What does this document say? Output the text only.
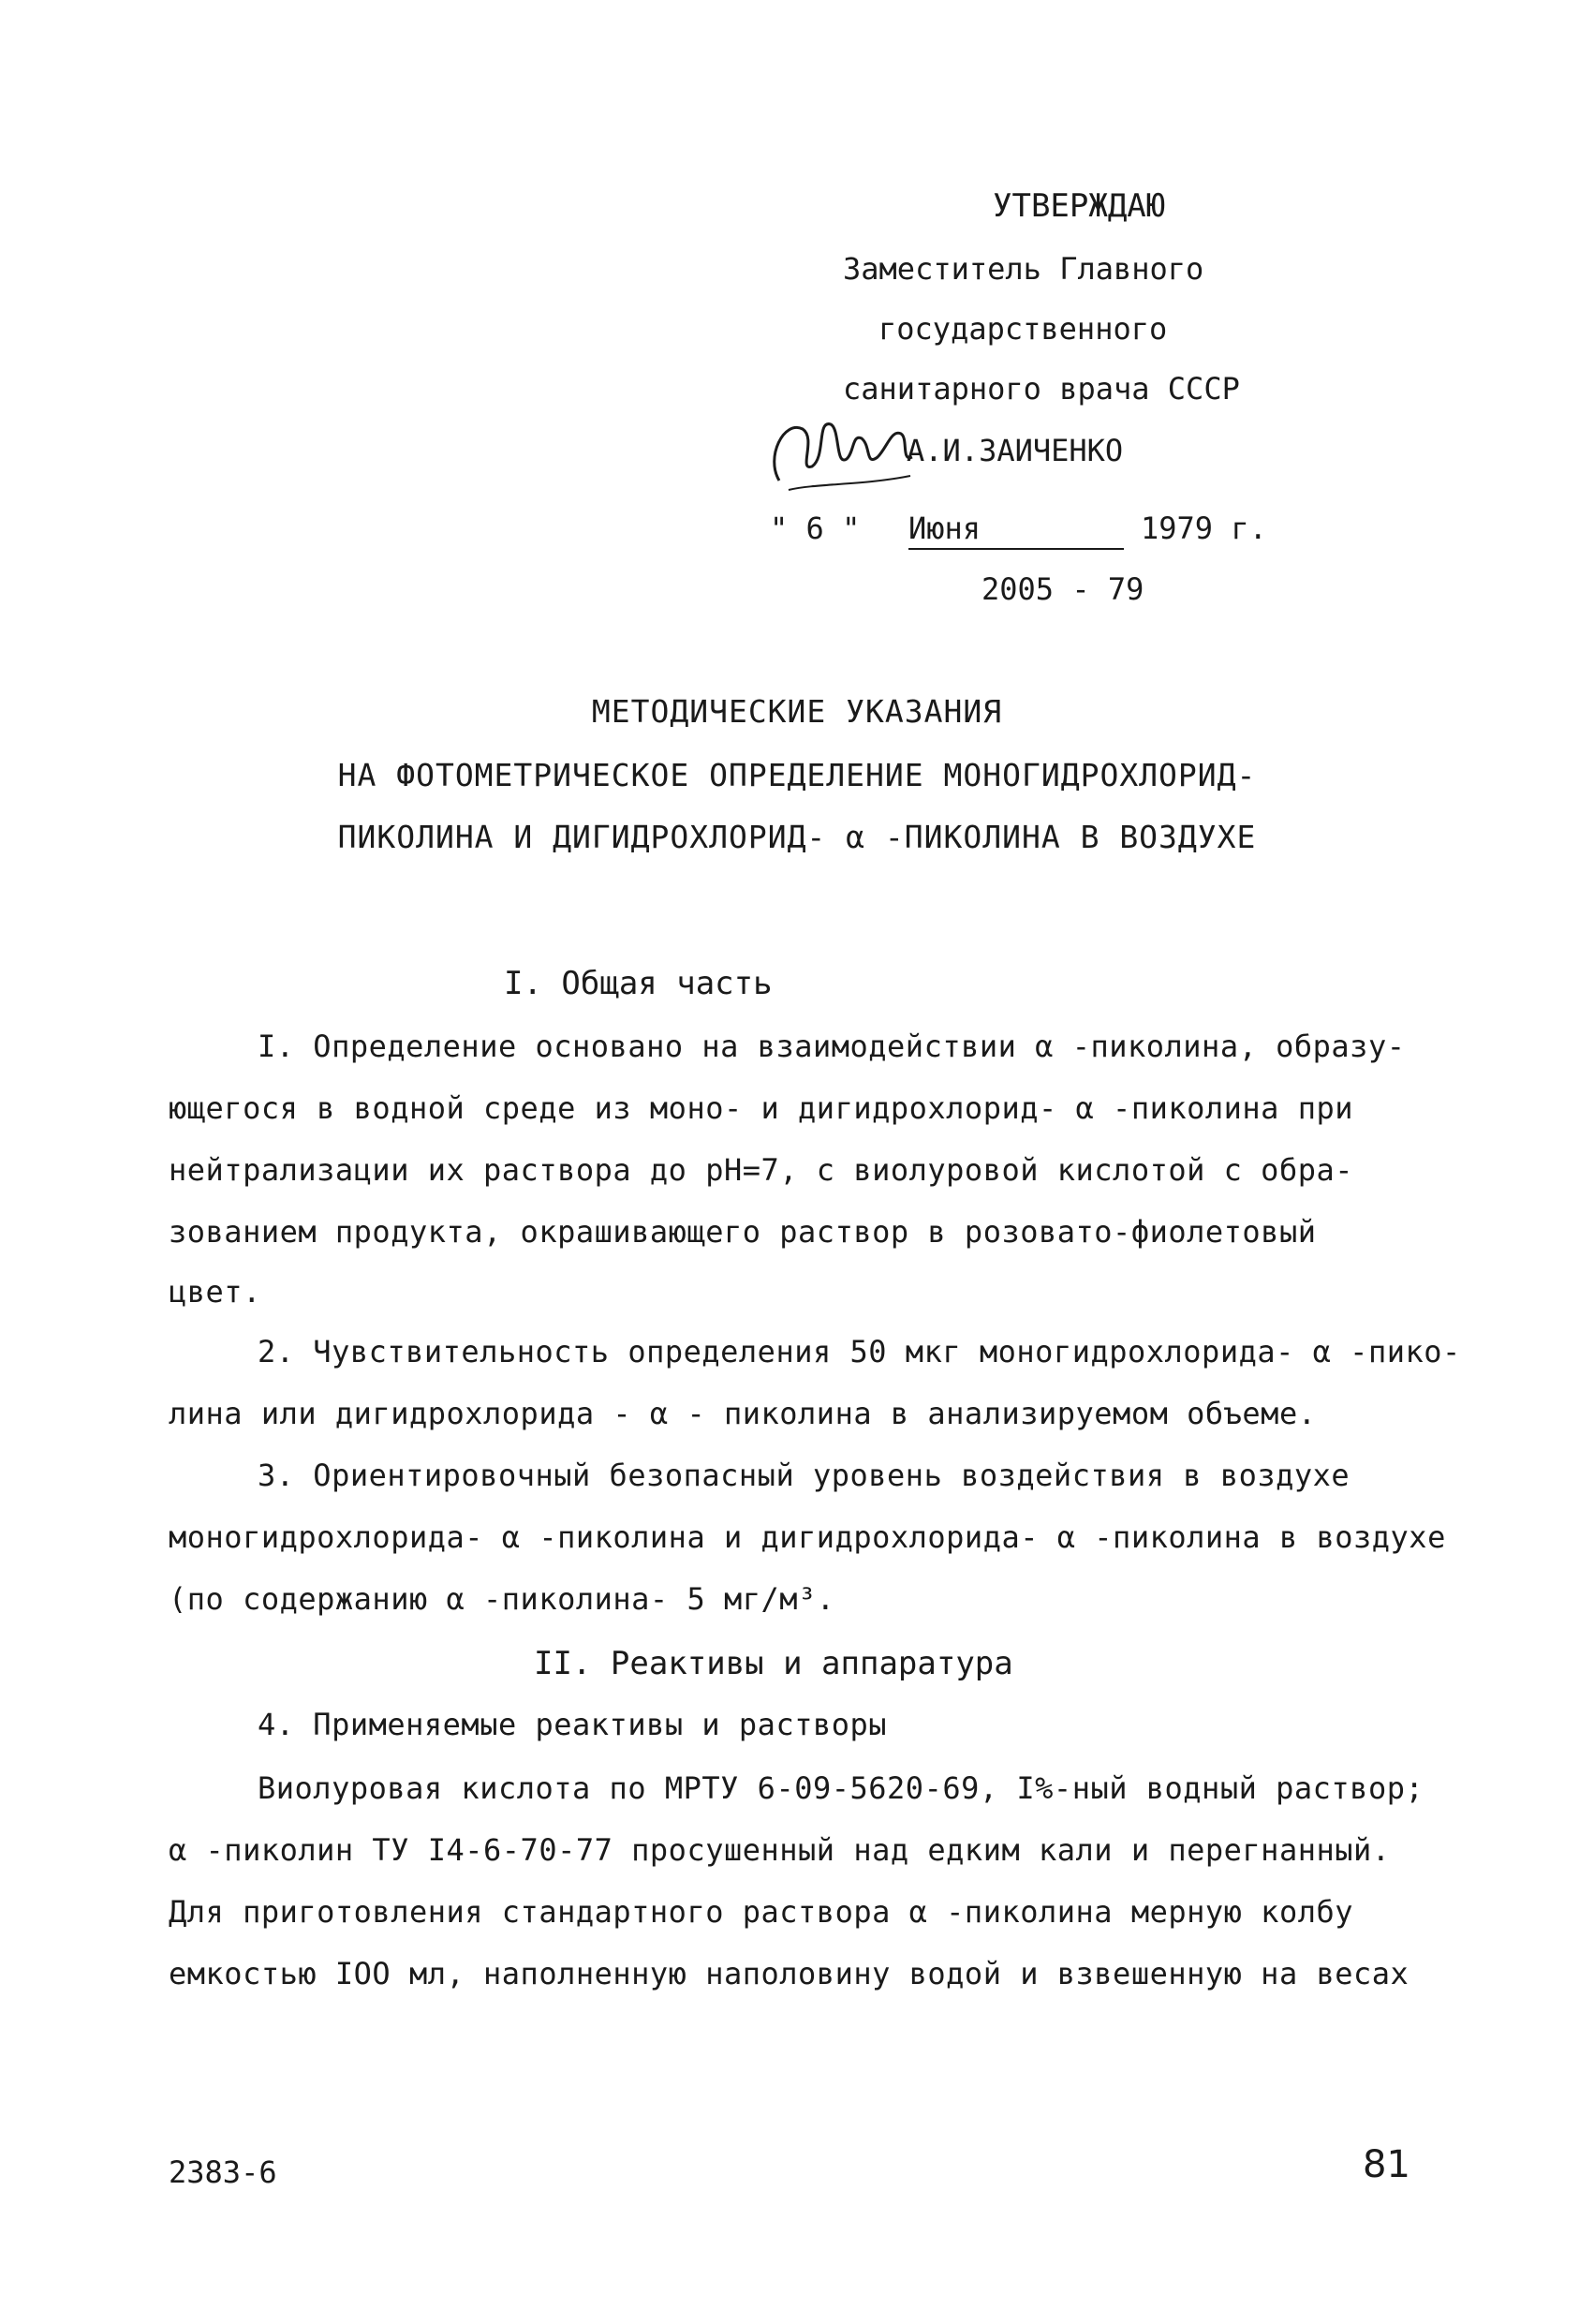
УТВЕРЖДАЮ
Заместитель Главного
государственного
санитарного врача СССР
А.И.ЗАИЧЕНКО
" 6 " Июня	1979 г.
2005 - 79
МЕТОДИЧЕСКИЕ УКАЗАНИЯ
НА ФОТОМЕТРИЧЕСКОЕ ОПРЕДЕЛЕНИЕ МОНОГИДРОХЛОРИД-
ПИКОЛИНА И ДИГИДРОХЛОРИД- α -ПИКОЛИНА В ВОЗДУХЕ
I. Общая часть
I. Определение основано на взаимодействии α -пиколина, образу-
ющегося в водной среде из моно- и дигидрохлорид- α -пиколина при
нейтрализации их раствора до pH=7, с виолуровой кислотой с обра-
зованием продукта, окрашивающего раствор в розовато-фиолетовый
цвет.
2. Чувствительность определения 50 мкг моногидрохлорида- α -пико-
лина или дигидрохлорида - α - пиколина в анализируемом объеме.
3. Ориентировочный безопасный уровень воздействия в воздухе
моногидрохлорида- α -пиколина и дигидрохлорида- α -пиколина в воздухе
(по содержанию α -пиколина- 5 мг/м³.
II. Реактивы и аппаратура
4. Применяемые реактивы и растворы
Виолуровая кислота по МРТУ 6-09-5620-69, I%-ный водный раствор;
α -пиколин ТУ I4-6-70-77 просушенный над едким кали и перегнанный.
Для приготовления стандартного раствора α -пиколина мерную колбу
емкостью IOO мл, наполненную наполовину водой и взвешенную на весах
2383-6	81
